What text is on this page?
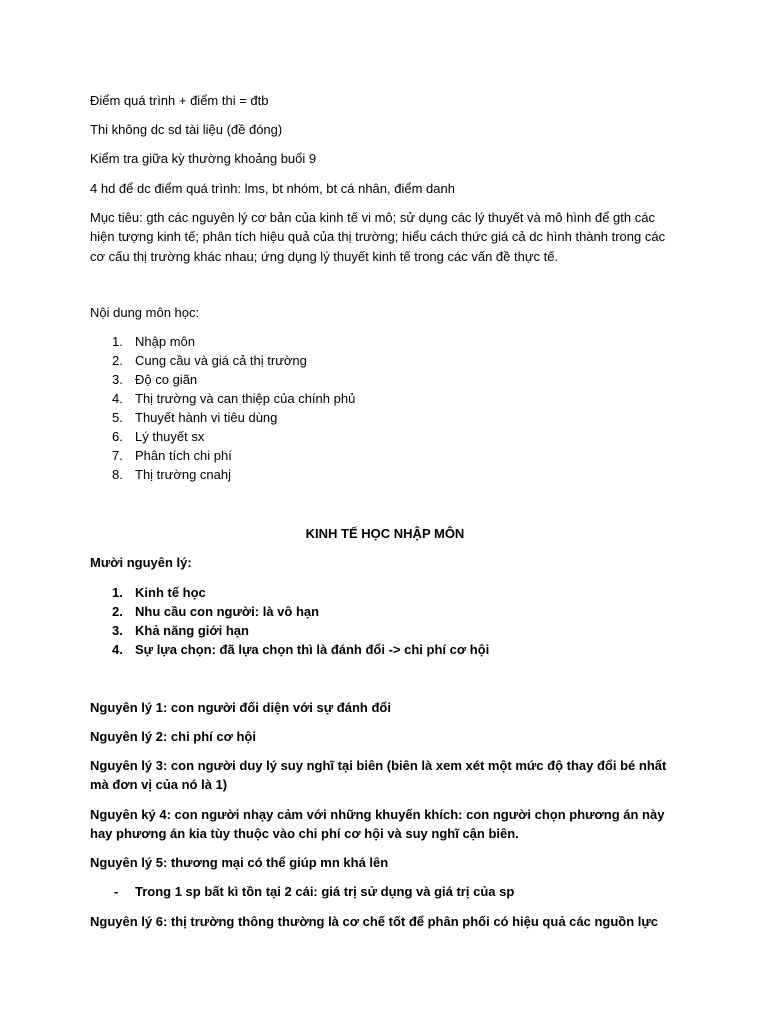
Điểm quá trình + điểm thi = đtb

Thi không dc sd tài liệu (đề đóng)

Kiểm tra giữa kỳ thường khoảng buổi 9

4 hd để dc điểm quá trình: lms, bt nhóm, bt cá nhân, điểm danh

Mục tiêu: gth các nguyên lý cơ bản của kinh tế vi mô; sử dụng các lý thuyết và mô hình để gth các hiện tượng kinh tế; phân tích hiệu quả của thị trường; hiểu cách thức giá cả dc hình thành trong các cơ cấu thị trường khác nhau; ứng dụng lý thuyết kinh tế trong các vấn đề thực tế.

Nội dung môn học:

1. Nhập môn
2. Cung cầu và giá cả thị trường
3. Độ co giãn
4. Thị trường và can thiệp của chính phủ
5. Thuyết hành vi tiêu dùng
6. Lý thuyết sx
7. Phân tích chi phí
8. Thị trường cnahj

KINH TẾ HỌC NHẬP MÔN

Mười nguyên lý:

1. Kinh tế học
2. Nhu cầu con người: là vô hạn
3. Khả năng giới hạn
4. Sự lựa chọn: đã lựa chọn thì là đánh đổi -> chi phí cơ hội

Nguyên lý 1: con người đối diện với sự đánh đổi

Nguyên lý 2: chi phí cơ hội

Nguyên lý 3: con người duy lý suy nghĩ tại biên (biên là xem xét một mức độ thay đổi bé nhất mà đơn vị của nó là 1)

Nguyên ký 4: con người nhạy cảm với những khuyến khích: con người chọn phương án này hay phương án kia tùy thuộc vào chi phí cơ hội và suy nghĩ cận biên.

Nguyên lý 5: thương mại có thể giúp mn khá lên

- Trong 1 sp bất kì tồn tại 2 cái: giá trị sử dụng và giá trị của sp

Nguyên lý 6: thị trường thông thường là cơ chế tốt để phân phối có hiệu quả các nguồn lực
